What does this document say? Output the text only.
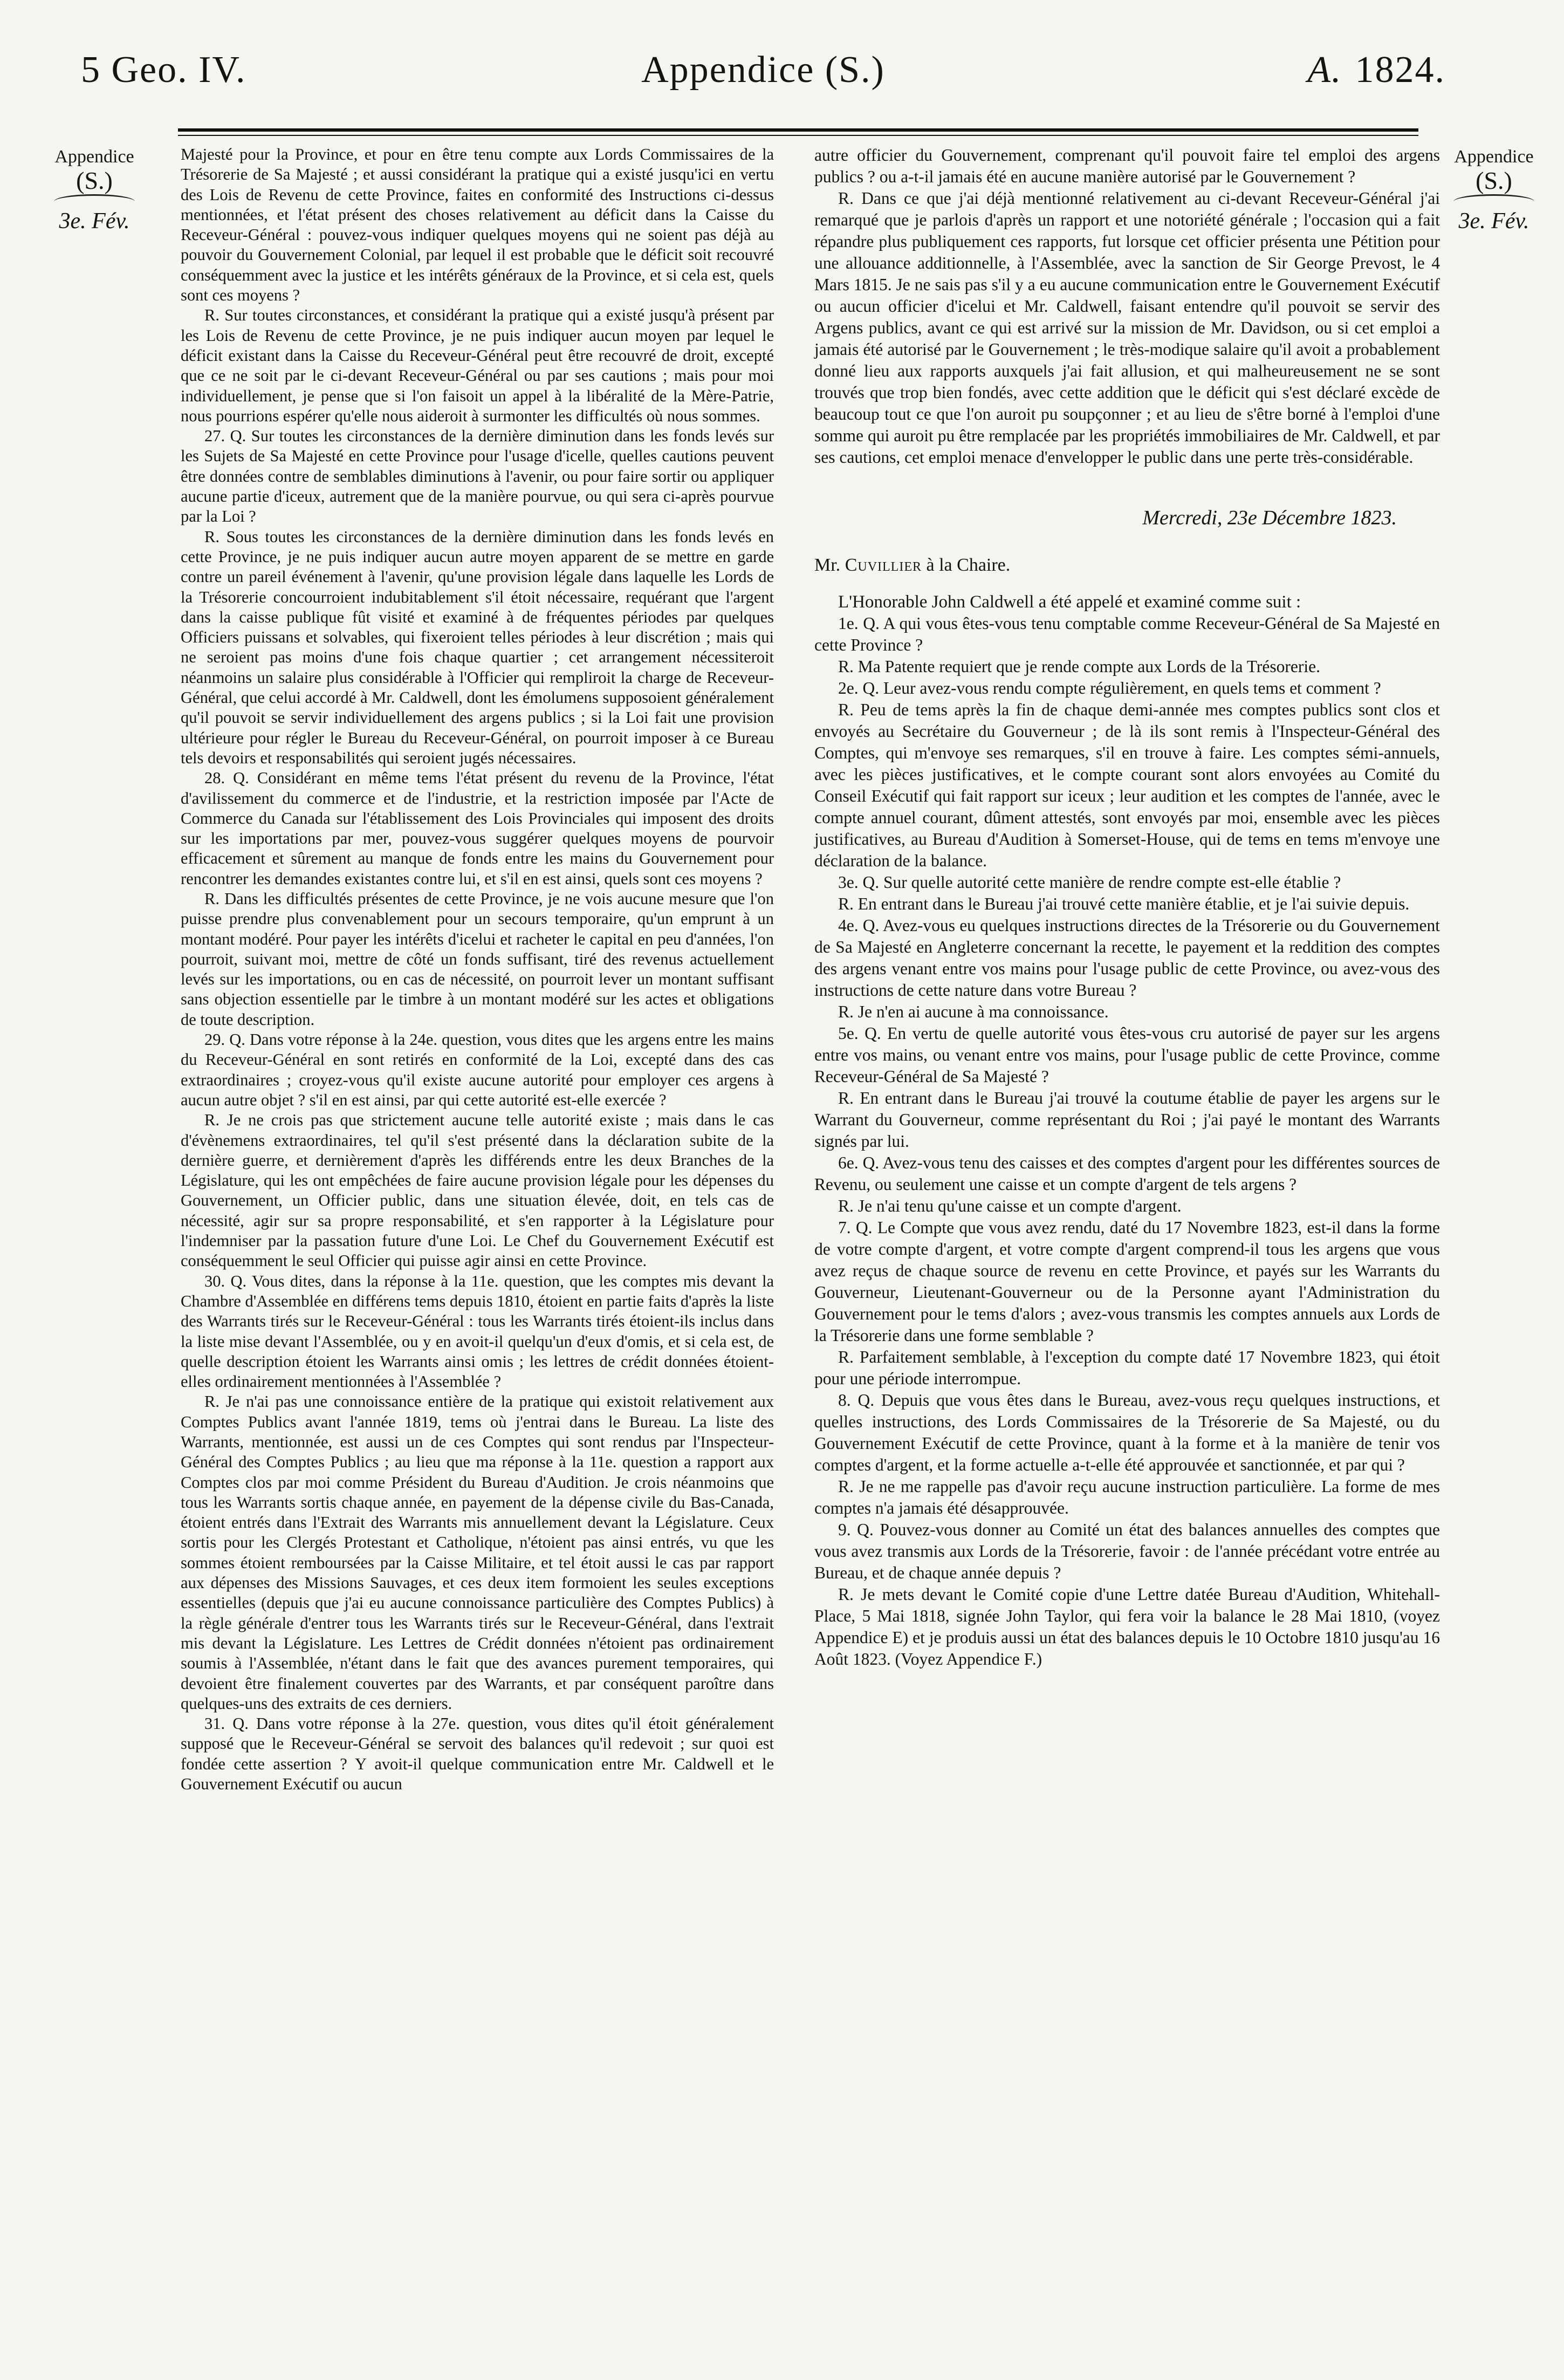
5 Geo. IV.	Appendice (S.)	A. 1824.
Appendice
(S.)
3e. Fév.
Appendice
(S.)
3e. Fév.

Majesté pour la Province, et pour en être tenu compte aux Lords Commissaires de la Trésorerie de Sa Majesté ; et aussi considérant la pratique qui a existé jusqu'ici en vertu des Lois de Revenu de cette Province, faites en conformité des Instructions ci-dessus mentionnées, et l'état présent des choses relativement au déficit dans la Caisse du Receveur-Général : pouvez-vous indiquer quelques moyens qui ne soient pas déjà au pouvoir du Gouvernement Colonial, par lequel il est probable que le déficit soit recouvré conséquemment avec la justice et les intérêts généraux de la Province, et si cela est, quels sont ces moyens ?

R. Sur toutes circonstances, et considérant la pratique qui a existé jusqu'à présent par les Lois de Revenu de cette Province, je ne puis indiquer aucun moyen par lequel le déficit existant dans la Caisse du Receveur-Général peut être recouvré de droit, excepté que ce ne soit par le ci-devant Receveur-Général ou par ses cautions ; mais pour moi individuellement, je pense que si l'on faisoit un appel à la libéralité de la Mère-Patrie, nous pourrions espérer qu'elle nous aideroit à surmonter les difficultés où nous sommes.

27. Q. Sur toutes les circonstances de la dernière diminution dans les fonds levés sur les Sujets de Sa Majesté en cette Province pour l'usage d'icelle, quelles cautions peuvent être données contre de semblables diminutions à l'avenir, ou pour faire sortir ou appliquer aucune partie d'iceux, autrement que de la manière pourvue, ou qui sera ci-après pourvue par la Loi ?

R. Sous toutes les circonstances de la dernière diminution dans les fonds levés en cette Province, je ne puis indiquer aucun autre moyen apparent de se mettre en garde contre un pareil événement à l'avenir, qu'une provision légale dans laquelle les Lords de la Trésorerie concourroient indubitablement s'il étoit nécessaire, requérant que l'argent dans la caisse publique fût visité et examiné à de fréquentes périodes par quelques Officiers puissans et solvables, qui fixeroient telles périodes à leur discrétion ; mais qui ne seroient pas moins d'une fois chaque quartier ; cet arrangement nécessiteroit néanmoins un salaire plus considérable à l'Officier qui rempliroit la charge de Receveur-Général, que celui accordé à Mr. Caldwell, dont les émolumens supposoient généralement qu'il pouvoit se servir individuellement des argens publics ; si la Loi fait une provision ultérieure pour régler le Bureau du Receveur-Général, on pourroit imposer à ce Bureau tels devoirs et responsabilités qui seroient jugés nécessaires.

28. Q. Considérant en même tems l'état présent du revenu de la Province, l'état d'avilissement du commerce et de l'industrie, et la restriction imposée par l'Acte de Commerce du Canada sur l'établissement des Lois Provinciales qui imposent des droits sur les importations par mer, pouvez-vous suggérer quelques moyens de pourvoir efficacement et sûrement au manque de fonds entre les mains du Gouvernement pour rencontrer les demandes existantes contre lui, et s'il en est ainsi, quels sont ces moyens ?

R. Dans les difficultés présentes de cette Province, je ne vois aucune mesure que l'on puisse prendre plus convenablement pour un secours temporaire, qu'un emprunt à un montant modéré. Pour payer les intérêts d'icelui et racheter le capital en peu d'années, l'on pourroit, suivant moi, mettre de côté un fonds suffisant, tiré des revenus actuellement levés sur les importations, ou en cas de nécessité, on pourroit lever un montant suffisant sans objection essentielle par le timbre à un montant modéré sur les actes et obligations de toute description.

29. Q. Dans votre réponse à la 24e. question, vous dites que les argens entre les mains du Receveur-Général en sont retirés en conformité de la Loi, excepté dans des cas extraordinaires ; croyez-vous qu'il existe aucune autorité pour employer ces argens à aucun autre objet ? s'il en est ainsi, par qui cette autorité est-elle exercée ?

R. Je ne crois pas que strictement aucune telle autorité existe ; mais dans le cas d'évènemens extraordinaires, tel qu'il s'est présenté dans la déclaration subite de la dernière guerre, et dernièrement d'après les différends entre les deux Branches de la Législature, qui les ont empêchées de faire aucune provision légale pour les dépenses du Gouvernement, un Officier public, dans une situation élevée, doit, en tels cas de nécessité, agir sur sa propre responsabilité, et s'en rapporter à la Législature pour l'indemniser par la passation future d'une Loi. Le Chef du Gouvernement Exécutif est conséquemment le seul Officier qui puisse agir ainsi en cette Province.

30. Q. Vous dites, dans la réponse à la 11e. question, que les comptes mis devant la Chambre d'Assemblée en différens tems depuis 1810, étoient en partie faits d'après la liste des Warrants tirés sur le Receveur-Général : tous les Warrants tirés étoient-ils inclus dans la liste mise devant l'Assemblée, ou y en avoit-il quelqu'un d'eux d'omis, et si cela est, de quelle description étoient les Warrants ainsi omis ; les lettres de crédit données étoient-elles ordinairement mentionnées à l'Assemblée ?

R. Je n'ai pas une connoissance entière de la pratique qui existoit relativement aux Comptes Publics avant l'année 1819, tems où j'entrai dans le Bureau. La liste des Warrants, mentionnée, est aussi un de ces Comptes qui sont rendus par l'Inspecteur-Général des Comptes Publics ; au lieu que ma réponse à la 11e. question a rapport aux Comptes clos par moi comme Président du Bureau d'Audition. Je crois néanmoins que tous les Warrants sortis chaque année, en payement de la dépense civile du Bas-Canada, étoient entrés dans l'Extrait des Warrants mis annuellement devant la Législature. Ceux sortis pour les Clergés Protestant et Catholique, n'étoient pas ainsi entrés, vu que les sommes étoient remboursées par la Caisse Militaire, et tel étoit aussi le cas par rapport aux dépenses des Missions Sauvages, et ces deux item formoient les seules exceptions essentielles (depuis que j'ai eu aucune connoissance particulière des Comptes Publics) à la règle générale d'entrer tous les Warrants tirés sur le Receveur-Général, dans l'extrait mis devant la Législature. Les Lettres de Crédit données n'étoient pas ordinairement soumis à l'Assemblée, n'étant dans le fait que des avances purement temporaires, qui devoient être finalement couvertes par des Warrants, et par conséquent paroître dans quelques-uns des extraits de ces derniers.

31. Q. Dans votre réponse à la 27e. question, vous dites qu'il étoit généralement supposé que le Receveur-Général se servoit des balances qu'il redevoit ; sur quoi est fondée cette assertion ? Y avoit-il quelque communication entre Mr. Caldwell et le Gouvernement Exécutif ou aucun

autre officier du Gouvernement, comprenant qu'il pouvoit faire tel emploi des argens publics ? ou a-t-il jamais été en aucune manière autorisé par le Gouvernement ?

R. Dans ce que j'ai déjà mentionné relativement au ci-devant Receveur-Général j'ai remarqué que je parlois d'après un rapport et une notoriété générale ; l'occasion qui a fait répandre plus publiquement ces rapports, fut lorsque cet officier présenta une Pétition pour une allouance additionnelle, à l'Assemblée, avec la sanction de Sir George Prevost, le 4 Mars 1815. Je ne sais pas s'il y a eu aucune communication entre le Gouvernement Exécutif ou aucun officier d'icelui et Mr. Caldwell, faisant entendre qu'il pouvoit se servir des Argens publics, avant ce qui est arrivé sur la mission de Mr. Davidson, ou si cet emploi a jamais été autorisé par le Gouvernement ; le très-modique salaire qu'il avoit a probablement donné lieu aux rapports auxquels j'ai fait allusion, et qui malheureusement ne se sont trouvés que trop bien fondés, avec cette addition que le déficit qui s'est déclaré excède de beaucoup tout ce que l'on auroit pu soupçonner ; et au lieu de s'être borné à l'emploi d'une somme qui auroit pu être remplacée par les propriétés immobiliaires de Mr. Caldwell, et par ses cautions, cet emploi menace d'envelopper le public dans une perte très-considérable.

Mercredi, 23e Décembre 1823.
Mr. Cuvillier à la Chaire.

L'Honorable John Caldwell a été appelé et examiné comme suit :

1e. Q. A qui vous êtes-vous tenu comptable comme Receveur-Général de Sa Majesté en cette Province ?

R. Ma Patente requiert que je rende compte aux Lords de la Trésorerie.

2e. Q. Leur avez-vous rendu compte régulièrement, en quels tems et comment ?

R. Peu de tems après la fin de chaque demi-année mes comptes publics sont clos et envoyés au Secrétaire du Gouverneur ; de là ils sont remis à l'Inspecteur-Général des Comptes, qui m'envoye ses remarques, s'il en trouve à faire. Les comptes sémi-annuels, avec les pièces justificatives, et le compte courant sont alors envoyées au Comité du Conseil Exécutif qui fait rapport sur iceux ; leur audition et les comptes de l'année, avec le compte annuel courant, dûment attestés, sont envoyés par moi, ensemble avec les pièces justificatives, au Bureau d'Audition à Somerset-House, qui de tems en tems m'envoye une déclaration de la balance.

3e. Q. Sur quelle autorité cette manière de rendre compte est-elle établie ?

R. En entrant dans le Bureau j'ai trouvé cette manière établie, et je l'ai suivie depuis.

4e. Q. Avez-vous eu quelques instructions directes de la Trésorerie ou du Gouvernement de Sa Majesté en Angleterre concernant la recette, le payement et la reddition des comptes des argens venant entre vos mains pour l'usage public de cette Province, ou avez-vous des instructions de cette nature dans votre Bureau ?

R. Je n'en ai aucune à ma connoissance.

5e. Q. En vertu de quelle autorité vous êtes-vous cru autorisé de payer sur les argens entre vos mains, ou venant entre vos mains, pour l'usage public de cette Province, comme Receveur-Général de Sa Majesté ?

R. En entrant dans le Bureau j'ai trouvé la coutume établie de payer les argens sur le Warrant du Gouverneur, comme représentant du Roi ; j'ai payé le montant des Warrants signés par lui.

6e. Q. Avez-vous tenu des caisses et des comptes d'argent pour les différentes sources de Revenu, ou seulement une caisse et un compte d'argent de tels argens ?

R. Je n'ai tenu qu'une caisse et un compte d'argent.

7. Q. Le Compte que vous avez rendu, daté du 17 Novembre 1823, est-il dans la forme de votre compte d'argent, et votre compte d'argent comprend-il tous les argens que vous avez reçus de chaque source de revenu en cette Province, et payés sur les Warrants du Gouverneur, Lieutenant-Gouverneur ou de la Personne ayant l'Administration du Gouvernement pour le tems d'alors ; avez-vous transmis les comptes annuels aux Lords de la Trésorerie dans une forme semblable ?

R. Parfaitement semblable, à l'exception du compte daté 17 Novembre 1823, qui étoit pour une période interrompue.

8. Q. Depuis que vous êtes dans le Bureau, avez-vous reçu quelques instructions, et quelles instructions, des Lords Commissaires de la Trésorerie de Sa Majesté, ou du Gouvernement Exécutif de cette Province, quant à la forme et à la manière de tenir vos comptes d'argent, et la forme actuelle a-t-elle été approuvée et sanctionnée, et par qui ?

R. Je ne me rappelle pas d'avoir reçu aucune instruction particulière. La forme de mes comptes n'a jamais été désapprouvée.

9. Q. Pouvez-vous donner au Comité un état des balances annuelles des comptes que vous avez transmis aux Lords de la Trésorerie, favoir : de l'année précédant votre entrée au Bureau, et de chaque année depuis ?

R. Je mets devant le Comité copie d'une Lettre datée Bureau d'Audition, Whitehall-Place, 5 Mai 1818, signée John Taylor, qui fera voir la balance le 28 Mai 1810, (voyez Appendice E) et je produis aussi un état des balances depuis le 10 Octobre 1810 jusqu'au 16 Août 1823. (Voyez Appendice F.)
